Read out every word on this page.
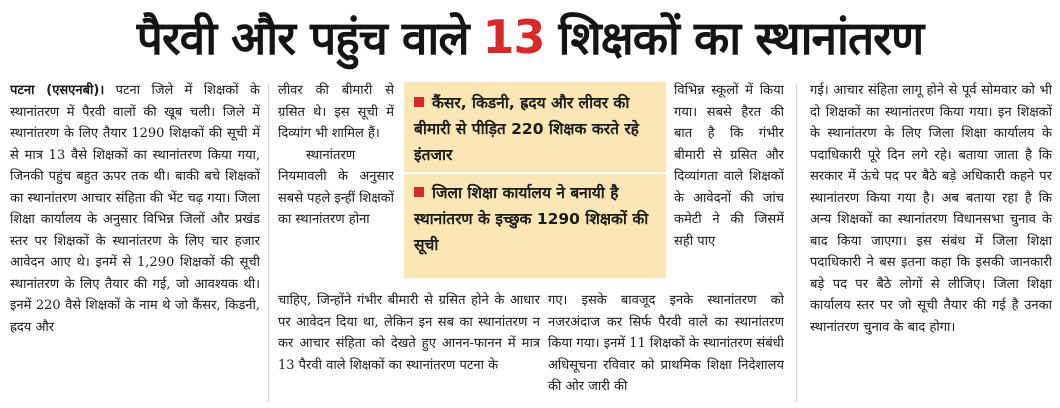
पैरवी और पहुंच वाले 13 शिक्षकों का स्थानांतरण

पटना (एसएनबी)। पटना जिले में शिक्षकों के स्थानांतरण में पैरवी वालों की खूब चली। जिले में स्थानांतरण के लिए तैयार 1290 शिक्षकों की सूची में से मात्र 13 वैसे शिक्षकों का स्थानांतरण किया गया, जिनकी पहुंच बहुत ऊपर तक थी। बाकी बचे शिक्षकों का स्थानांतरण आचार संहिता की भेंट चढ़ गया। जिला शिक्षा कार्यालय के अनुसार विभिन्न जिलों और प्रखंड स्तर पर शिक्षकों के स्थानांतरण के लिए चार हजार आवेदन आए थे। इनमें से 1,290 शिक्षकों की सूची स्थानांतरण के लिए तैयार की गई, जो आवश्यक थी। इनमें 220 वैसे शिक्षकों के नाम थे जो कैंसर, किडनी, ह्रदय और

लीवर की बीमारी से ग्रसित थे। इस सूची में दिव्यांग भी शामिल हैं।

स्थानांतरण नियमावली के अनुसार सबसे पहले इन्हीं शिक्षकों का स्थानांतरण होना

कैंसर, किडनी, ह्रदय और लीवर की बीमारी से पीड़ित 220 शिक्षक करते रहे इंतजार
जिला शिक्षा कार्यालय ने बनायी है स्थानांतरण के इच्छुक 1290 शिक्षकों की सूची

चाहिए, जिन्होंने गंभीर बीमारी से ग्रसित होने के आधार पर आवेदन दिया था, लेकिन इन सब का स्थानांतरण न कर आचार संहिता को देखते हुए आनन-फानन में मात्र 13 पैरवी वाले शिक्षकों का स्थानांतरण पटना के

विभिन्न स्कूलों में किया गया। सबसे हैरत की बात है कि गंभीर बीमारी से ग्रसित और दिव्यांगता वाले शिक्षकों के आवेदनों की जांच कमेटी ने की जिसमें सही पाए

गए। इसके बावजूद इनके स्थानांतरण को नजरअंदाज कर सिर्फ पैरवी वाले का स्थानांतरण किया गया। इनमें 11 शिक्षकों के स्थानांतरण संबंधी अधिसूचना रविवार को प्राथमिक शिक्षा निदेशालय की ओर जारी की

गई। आचार संहिता लागू होने से पूर्व सोमवार को भी दो शिक्षकों का स्थानांतरण किया गया। इन शिक्षकों के स्थानांतरण के लिए जिला शिक्षा कार्यालय के पदाधिकारी पूरे दिन लगे रहे। बताया जाता है कि सरकार में ऊंचे पद पर बैठे बड़े अधिकारी कहने पर स्थानांतरण किया गया है। अब बताया रहा है कि अन्य शिक्षकों का स्थानांतरण विधानसभा चुनाव के बाद किया जाएगा। इस संबंध में जिला शिक्षा पदाधिकारी ने बस इतना कहा कि इसकी जानकारी बड़े पद पर बैठे लोगों से लीजिए। जिला शिक्षा कार्यालय स्तर पर जो सूची तैयार की गई है उनका स्थानांतरण चुनाव के बाद होगा।
